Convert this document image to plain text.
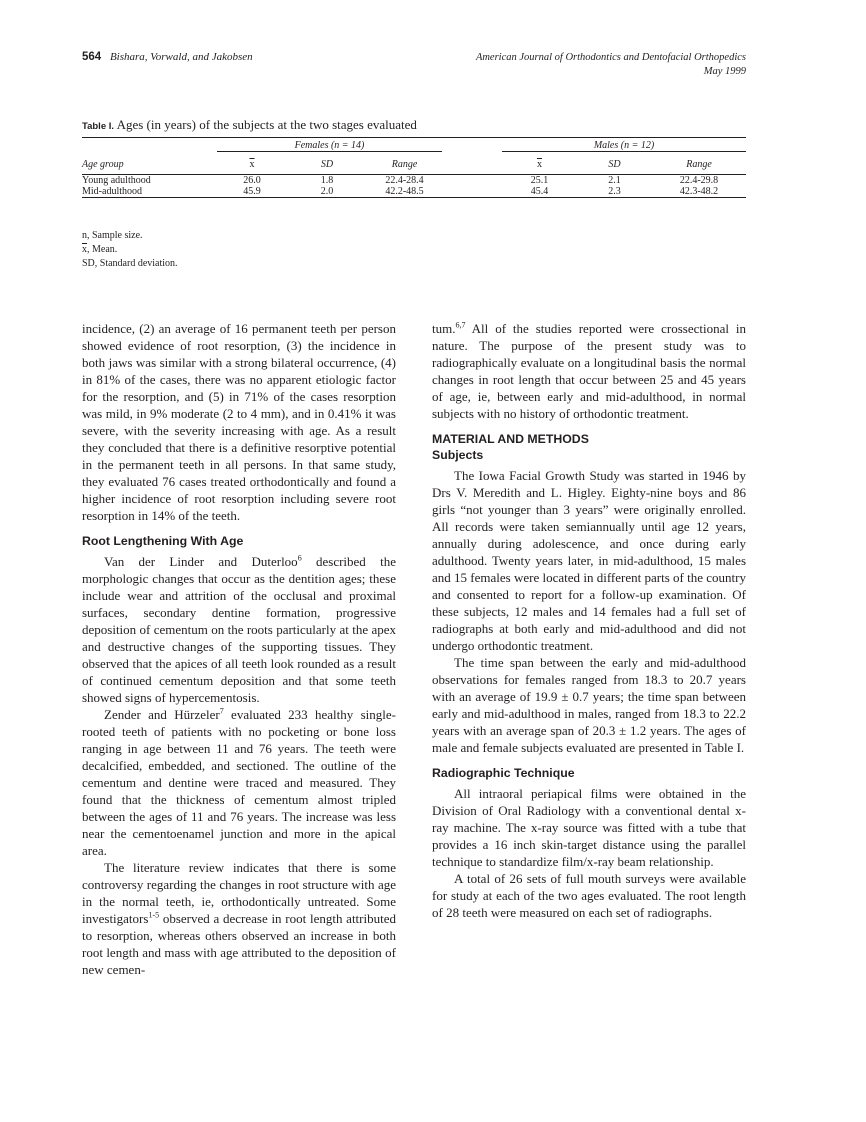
564 Bishara, Vorwald, and Jakobsen	American Journal of Orthodontics and Dentofacial Orthopedics
May 1999
Table I. Ages (in years) of the subjects at the two stages evaluated

	Females (n = 14)				Males (n = 12)		

Age group	$\overline{x}$	SD	Range		$\overline{x}$	SD	Range
Young adulthood	26.0	1.8	22.4-28.4		25.1	2.1	22.4-29.8
Mid-adulthood	45.9	2.0	42.2-48.5		45.4	2.3	42.3-48.2
n, Sample size.
$\overline{x}$, Mean.
SD, Standard deviation.

incidence, (2) an average of 16 permanent teeth per person showed evidence of root resorption, (3) the incidence in both jaws was similar with a strong bilateral occurrence, (4) in 81% of the cases, there was no apparent etiologic factor for the resorption, and (5) in 71% of the cases resorption was mild, in 9% moderate (2 to 4 mm), and in 0.41% it was severe, with the severity increasing with age. As a result they concluded that there is a definitive resorptive potential in the permanent teeth in all persons. In that same study, they evaluated 76 cases treated orthodontically and found a higher incidence of root resorption including severe root resorption in 14% of the teeth.

Root Lengthening With Age

Van der Linder and Duterloo$^6$ described the morphologic changes that occur as the dentition ages; these include wear and attrition of the occlusal and proximal surfaces, secondary dentine formation, progressive deposition of cementum on the roots particularly at the apex and destructive changes of the supporting tissues. They observed that the apices of all teeth look rounded as a result of continued cementum deposition and that some teeth showed signs of hypercementosis.

Zender and Hürzeler$^7$ evaluated 233 healthy single-rooted teeth of patients with no pocketing or bone loss ranging in age between 11 and 76 years. The teeth were decalcified, embedded, and sectioned. The outline of the cementum and dentine were traced and measured. They found that the thickness of cementum almost tripled between the ages of 11 and 76 years. The increase was less near the cementoenamel junction and more in the apical area.

The literature review indicates that there is some controversy regarding the changes in root structure with age in the normal teeth, ie, orthodontically untreated. Some investigators$^{1-5}$ observed a decrease in root length attributed to resorption, whereas others observed an increase in both root length and mass with age attributed to the deposition of new cemen-

tum.$^{6,7}$ All of the studies reported were crossectional in nature. The purpose of the present study was to radiographically evaluate on a longitudinal basis the normal changes in root length that occur between 25 and 45 years of age, ie, between early and mid-adulthood, in normal subjects with no history of orthodontic treatment.

MATERIAL AND METHODS
Subjects

The Iowa Facial Growth Study was started in 1946 by Drs V. Meredith and L. Higley. Eighty-nine boys and 86 girls “not younger than 3 years” were originally enrolled. All records were taken semiannually until age 12 years, annually during adolescence, and once during early adulthood. Twenty years later, in mid-adulthood, 15 males and 15 females were located in different parts of the country and consented to report for a follow-up examination. Of these subjects, 12 males and 14 females had a full set of radiographs at both early and mid-adulthood and did not undergo orthodontic treatment.

The time span between the early and mid-adulthood observations for females ranged from 18.3 to 20.7 years with an average of 19.9 ± 0.7 years; the time span between early and mid-adulthood in males, ranged from 18.3 to 22.2 years with an average span of 20.3 ± 1.2 years. The ages of male and female subjects evaluated are presented in Table I.

Radiographic Technique

All intraoral periapical films were obtained in the Division of Oral Radiology with a conventional dental x-ray machine. The x-ray source was fitted with a tube that provides a 16 inch skin-target distance using the parallel technique to standardize film/x-ray beam relationship.

A total of 26 sets of full mouth surveys were available for study at each of the two ages evaluated. The root length of 28 teeth were measured on each set of radiographs.
